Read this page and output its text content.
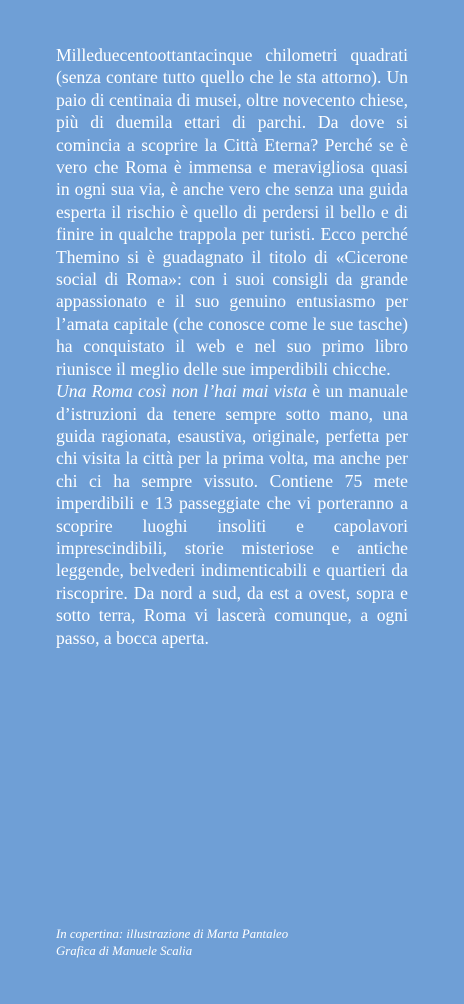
Milleduecentoottantacinque chilometri quadrati (senza contare tutto quello che le sta attorno). Un paio di centinaia di musei, oltre novecento chiese, più di duemila ettari di parchi. Da dove si comincia a scoprire la Città Eterna? Perché se è vero che Roma è immensa e meravigliosa quasi in ogni sua via, è anche vero che senza una guida esperta il rischio è quello di perdersi il bello e di finire in qualche trappola per turisti. Ecco perché Themino si è guadagnato il titolo di «Cicerone social di Roma»: con i suoi consigli da grande appassionato e il suo genuino entusiasmo per l’amata capitale (che conosce come le sue tasche) ha conquistato il web e nel suo primo libro riunisce il meglio delle sue imperdibili chicche.

Una Roma così non l’hai mai vista è un manuale d’istruzioni da tenere sempre sotto mano, una guida ragionata, esaustiva, originale, perfetta per chi visita la città per la prima volta, ma anche per chi ci ha sempre vissuto. Contiene 75 mete imperdibili e 13 passeggiate che vi porteranno a scoprire luoghi insoliti e capolavori imprescindibili, storie misteriose e antiche leggende, belvederi indimenticabili e quartieri da riscoprire. Da nord a sud, da est a ovest, sopra e sotto terra, Roma vi lascerà comunque, a ogni passo, a bocca aperta.

In copertina: illustrazione di Marta Pantaleo
Grafica di Manuele Scalia
